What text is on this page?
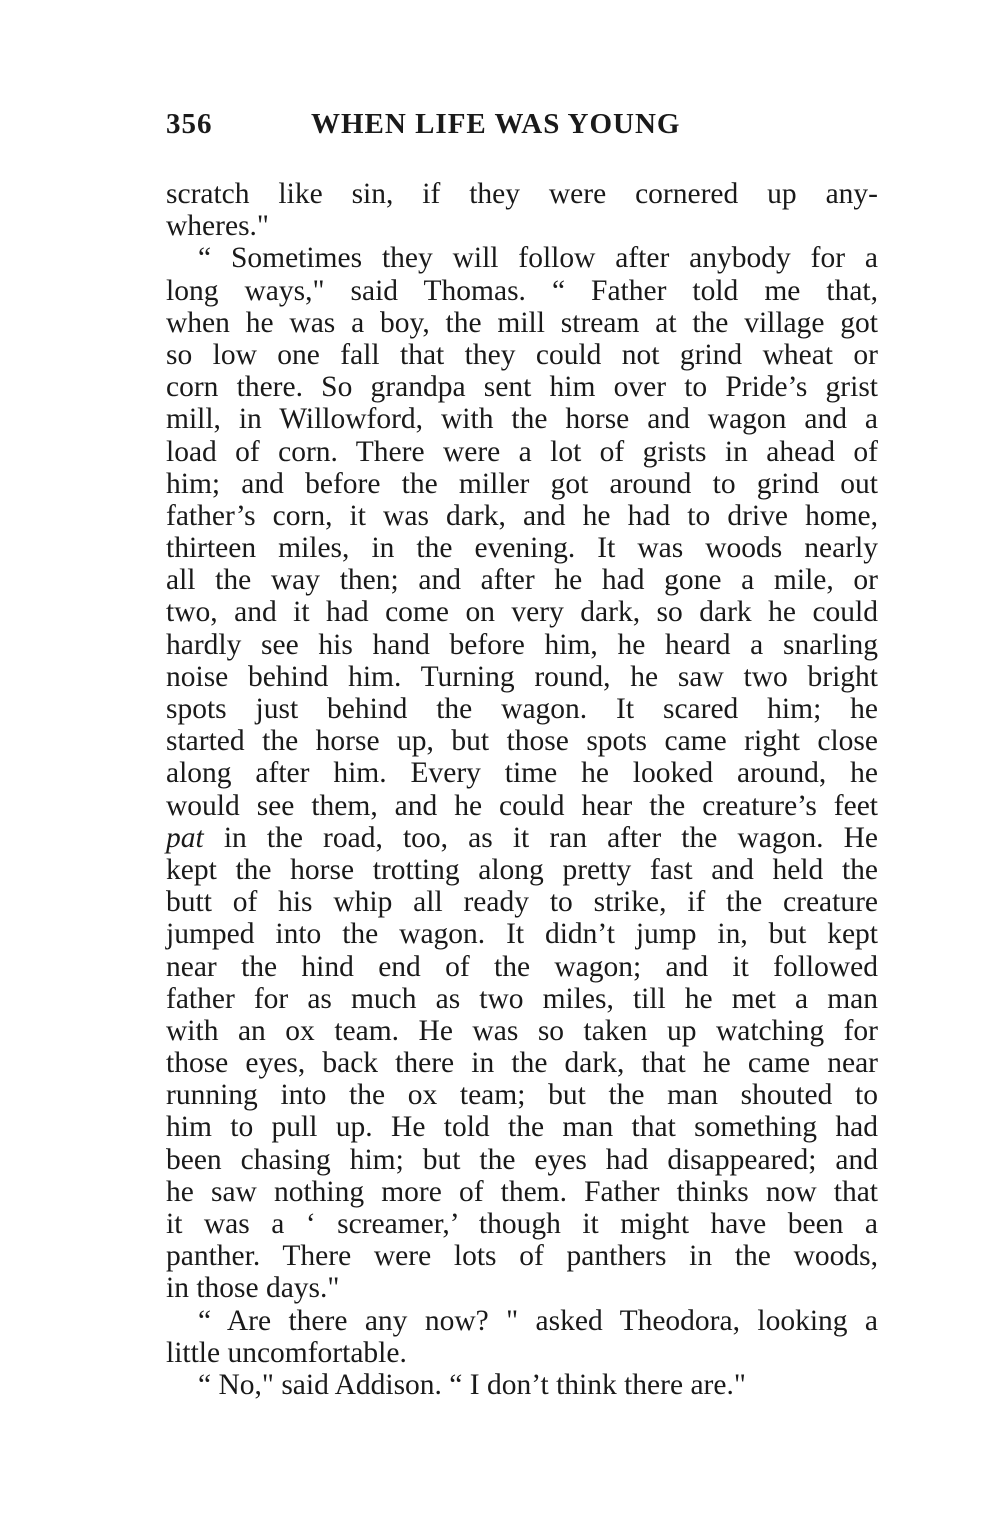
356	WHEN LIFE WAS YOUNG
scratch like sin, if they were cornered up any-
wheres."
“ Sometimes they will follow after anybody for a
long ways," said Thomas. “ Father told me that,
when he was a boy, the mill stream at the village got
so low one fall that they could not grind wheat or
corn there. So grandpa sent him over to Pride’s grist
mill, in Willowford, with the horse and wagon and a
load of corn. There were a lot of grists in ahead of
him; and before the miller got around to grind out
father’s corn, it was dark, and he had to drive home,
thirteen miles, in the evening. It was woods nearly
all the way then; and after he had gone a mile, or
two, and it had come on very dark, so dark he could
hardly see his hand before him, he heard a snarling
noise behind him. Turning round, he saw two bright
spots just behind the wagon. It scared him; he
started the horse up, but those spots came right close
along after him. Every time he looked around, he
would see them, and he could hear the creature’s feet
pat in the road, too, as it ran after the wagon. He
kept the horse trotting along pretty fast and held the
butt of his whip all ready to strike, if the creature
jumped into the wagon. It didn’t jump in, but kept
near the hind end of the wagon; and it followed
father for as much as two miles, till he met a man
with an ox team. He was so taken up watching for
those eyes, back there in the dark, that he came near
running into the ox team; but the man shouted to
him to pull up. He told the man that something had
been chasing him; but the eyes had disappeared; and
he saw nothing more of them. Father thinks now that
it was a ‘ screamer,’ though it might have been a
panther. There were lots of panthers in the woods,
in those days."
“ Are there any now? " asked Theodora, looking a
little uncomfortable.
“ No," said Addison. “ I don’t think there are."
